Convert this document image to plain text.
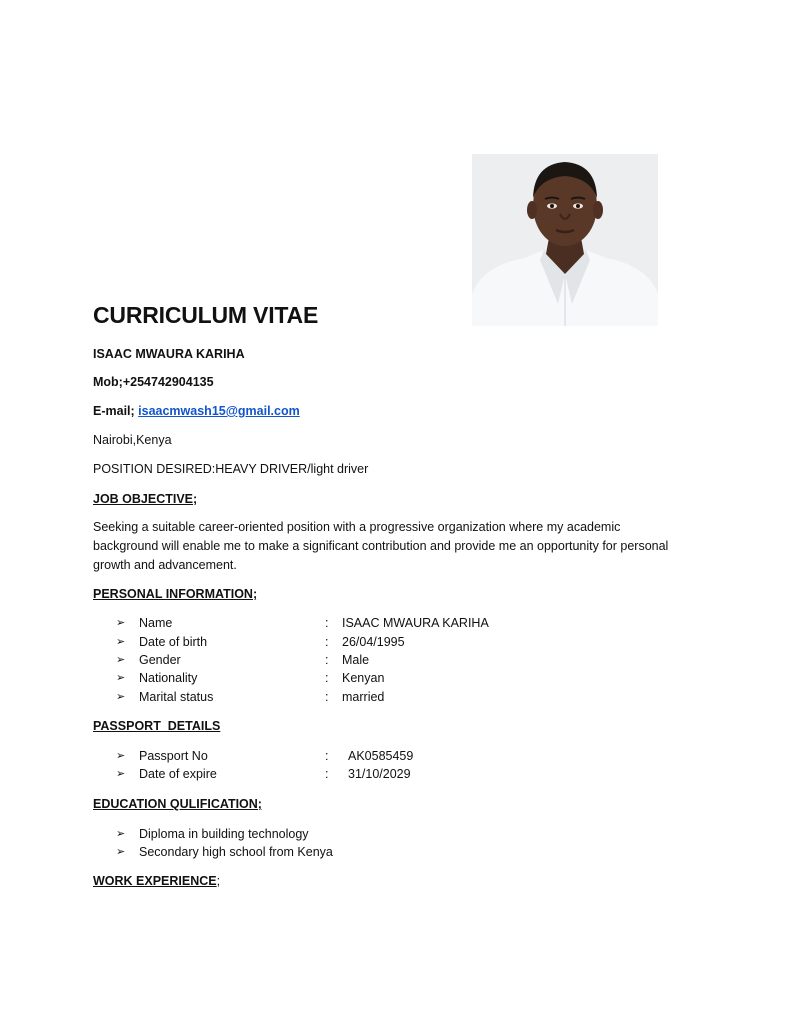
CURRICULUM VITAE

ISAAC MWAURA KARIHA

Mob;+254742904135

E-mail; isaacmwash15@gmail.com

Nairobi,Kenya

POSITION DESIRED:HEAVY DRIVER/light driver

JOB OBJECTIVE;

Seeking a suitable career-oriented position with a progressive organization where my academic background will enable me to make a significant contribution and provide me an opportunity for personal growth and advancement.

PERSONAL INFORMATION;
➢ Name	: ISAAC MWAURA KARIHA
➢ Date of birth	: 26/04/1995
➢ Gender	: Male
➢ Nationality	: Kenyan
➢ Marital status	: married
PASSPORT  DETAILS
➢ Passport No	: AK0585459
➢ Date of expire	: 31/10/2029
EDUCATION QULIFICATION;
➢ Diploma in building technology
➢ Secondary high school from Kenya
WORK EXPERIENCE;
